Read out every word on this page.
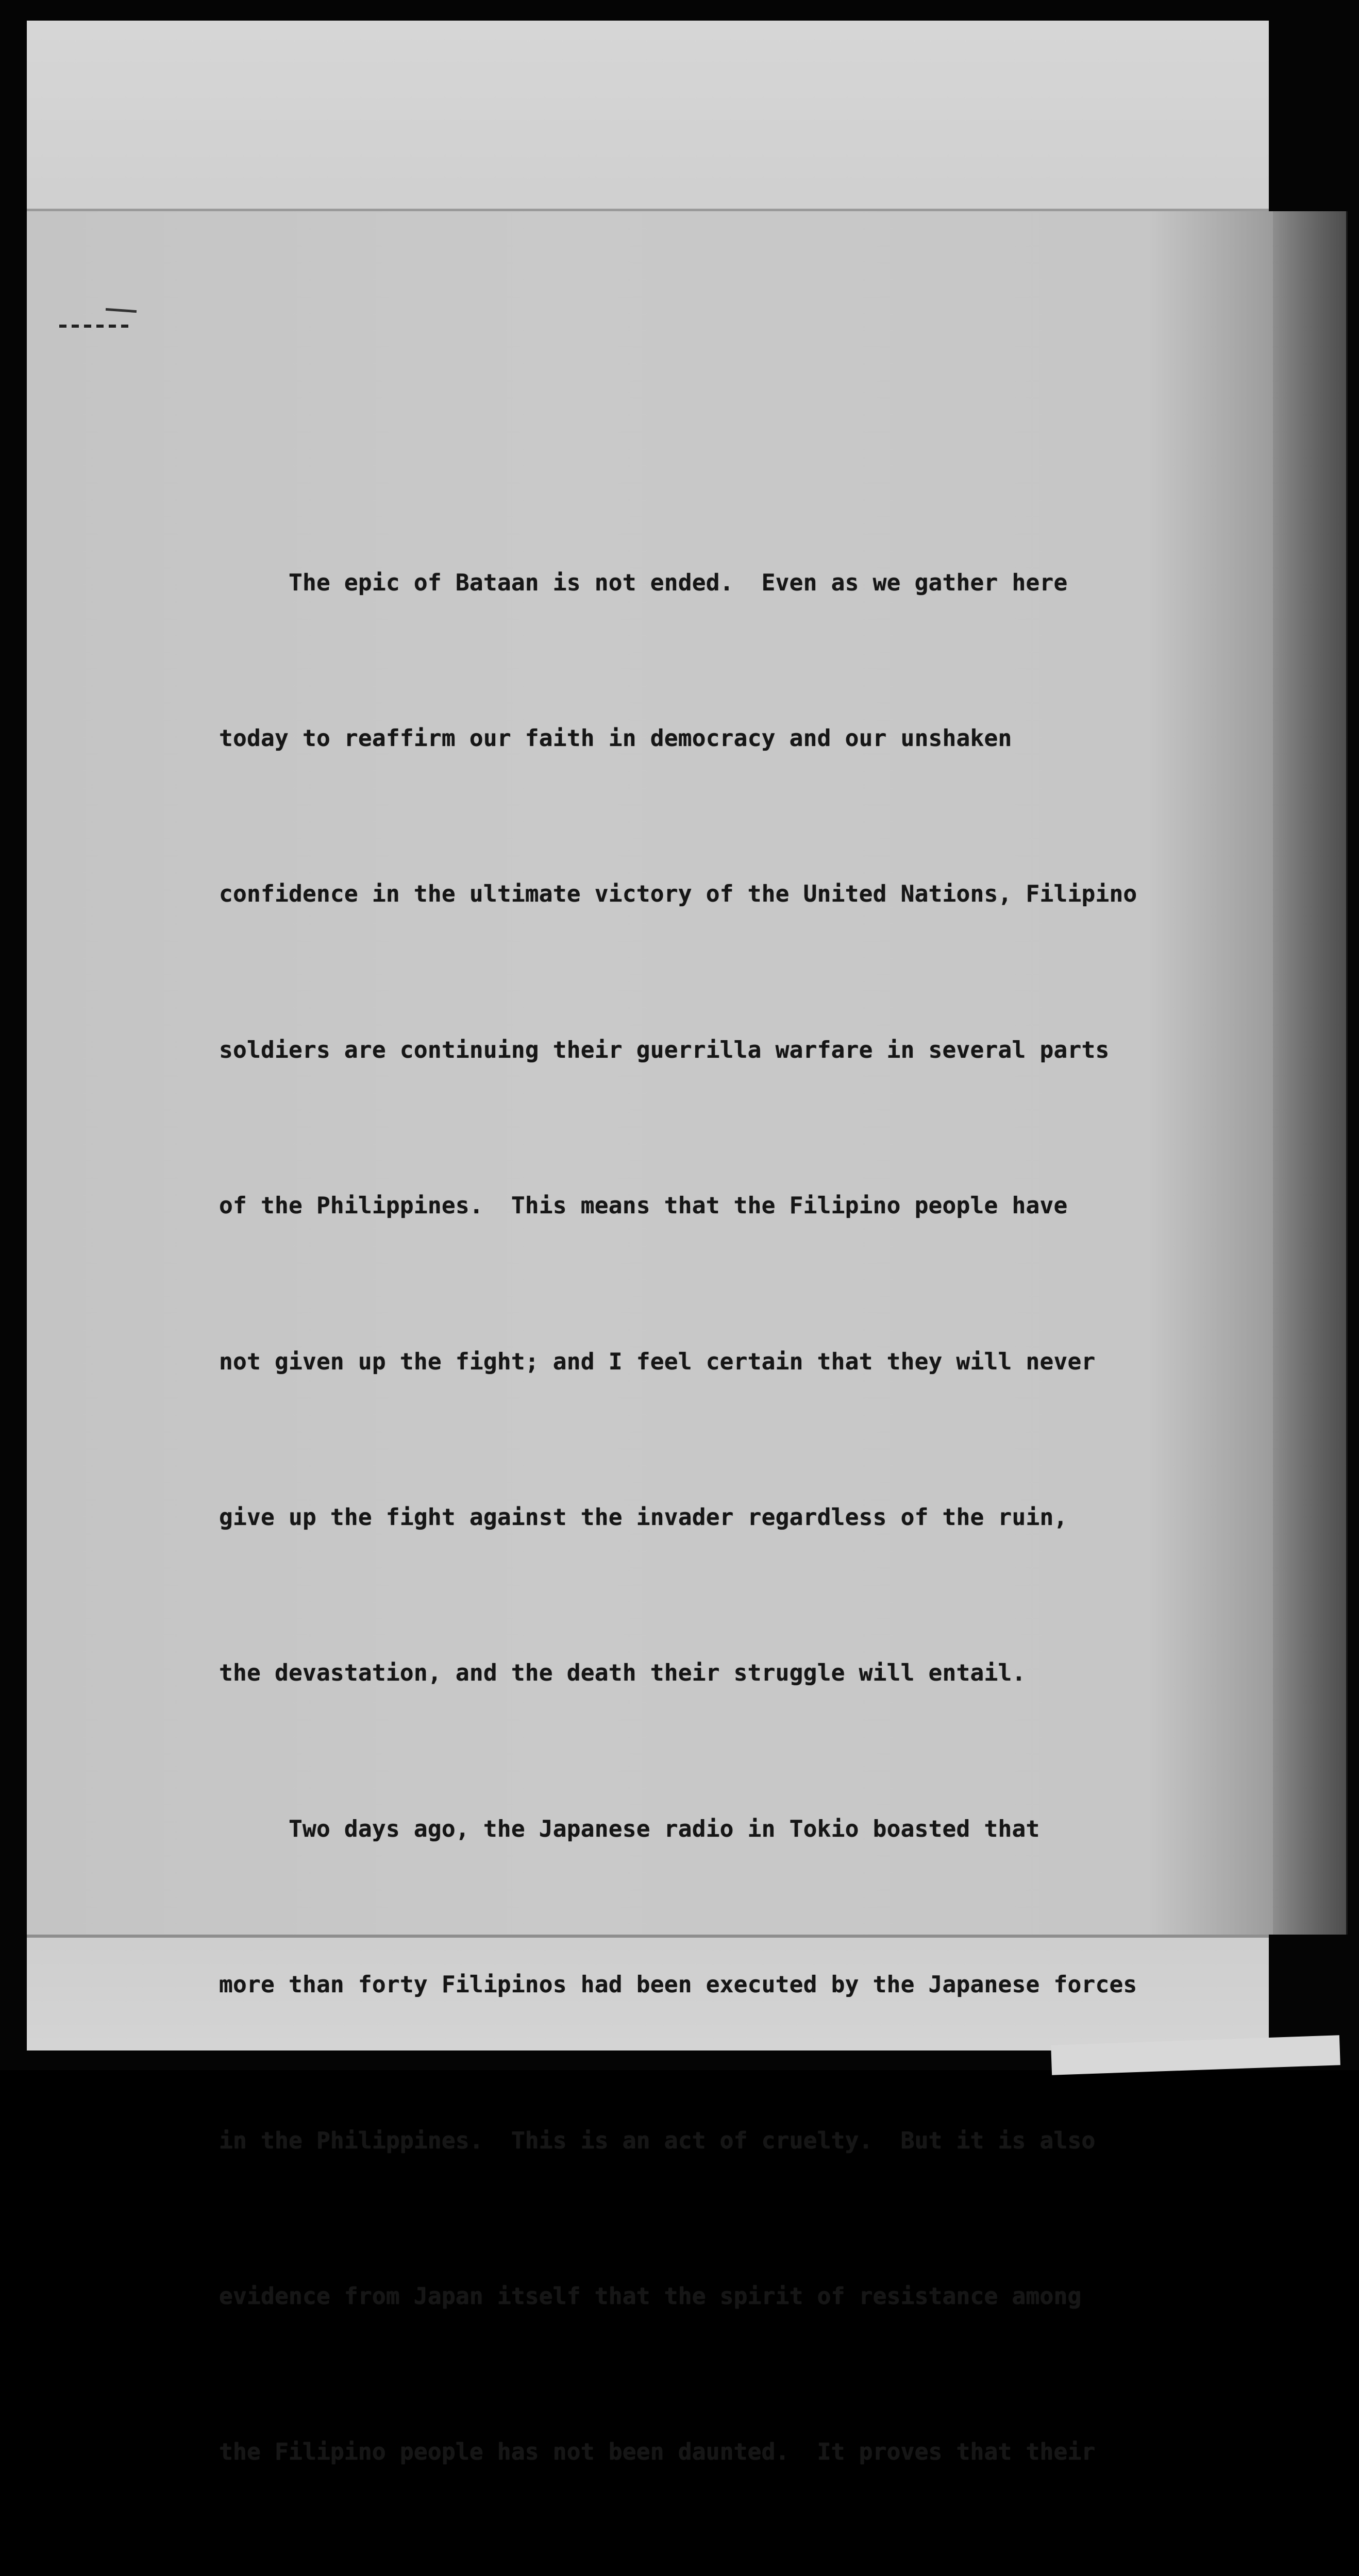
The epic of Bataan is not ended.  Even as we gather here

today to reaffirm our faith in democracy and our unshaken

confidence in the ultimate victory of the United Nations, Filipino

soldiers are continuing their guerrilla warfare in several parts

of the Philippines.  This means that the Filipino people have

not given up the fight; and I feel certain that they will never

give up the fight against the invader regardless of the ruin,

the devastation, and the death their struggle will entail.

Two days ago, the Japanese radio in Tokio boasted that

more than forty Filipinos had been executed by the Japanese forces

in the Philippines.  This is an act of cruelty.  But it is also

evidence from Japan itself that the spirit of resistance among

the Filipino people has not been daunted.  It proves that their
